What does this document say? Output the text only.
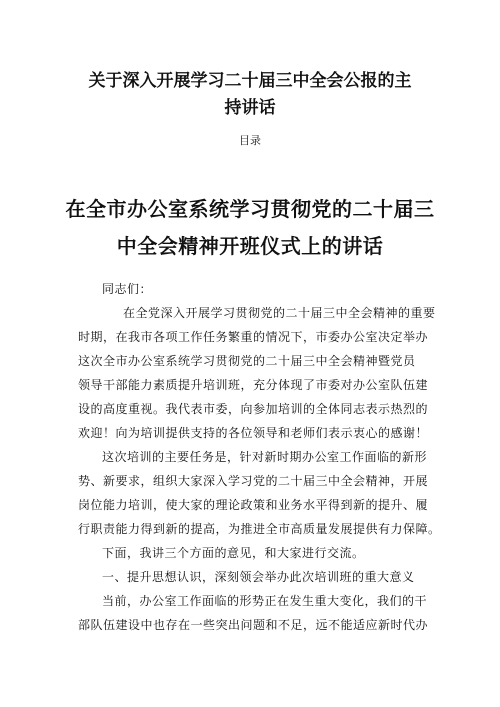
关于深入开展学习二十届三中全会公报的主
持讲话

目录

在全市办公室系统学习贯彻党的二十届三
中全会精神开班仪式上的讲话

同志们：

在全党深入开展学习贯彻党的二十届三中全会精神的重要

时期，在我市各项工作任务繁重的情况下，市委办公室决定举办

这次全市办公室系统学习贯彻党的二十届三中全会精神暨党员

领导干部能力素质提升培训班，充分体现了市委对办公室队伍建

设的高度重视。我代表市委，向参加培训的全体同志表示热烈的

欢迎！向为培训提供支持的各位领导和老师们表示衷心的感谢！

这次培训的主要任务是，针对新时期办公室工作面临的新形

势、新要求，组织大家深入学习党的二十届三中全会精神，开展

岗位能力培训，使大家的理论政策和业务水平得到新的提升、履

行职责能力得到新的提高，为推进全市高质量发展提供有力保障。

下面，我讲三个方面的意见，和大家进行交流。

一、提升思想认识，深刻领会举办此次培训班的重大意义

当前，办公室工作面临的形势正在发生重大变化，我们的干

部队伍建设中也存在一些突出问题和不足，远不能适应新时代办
